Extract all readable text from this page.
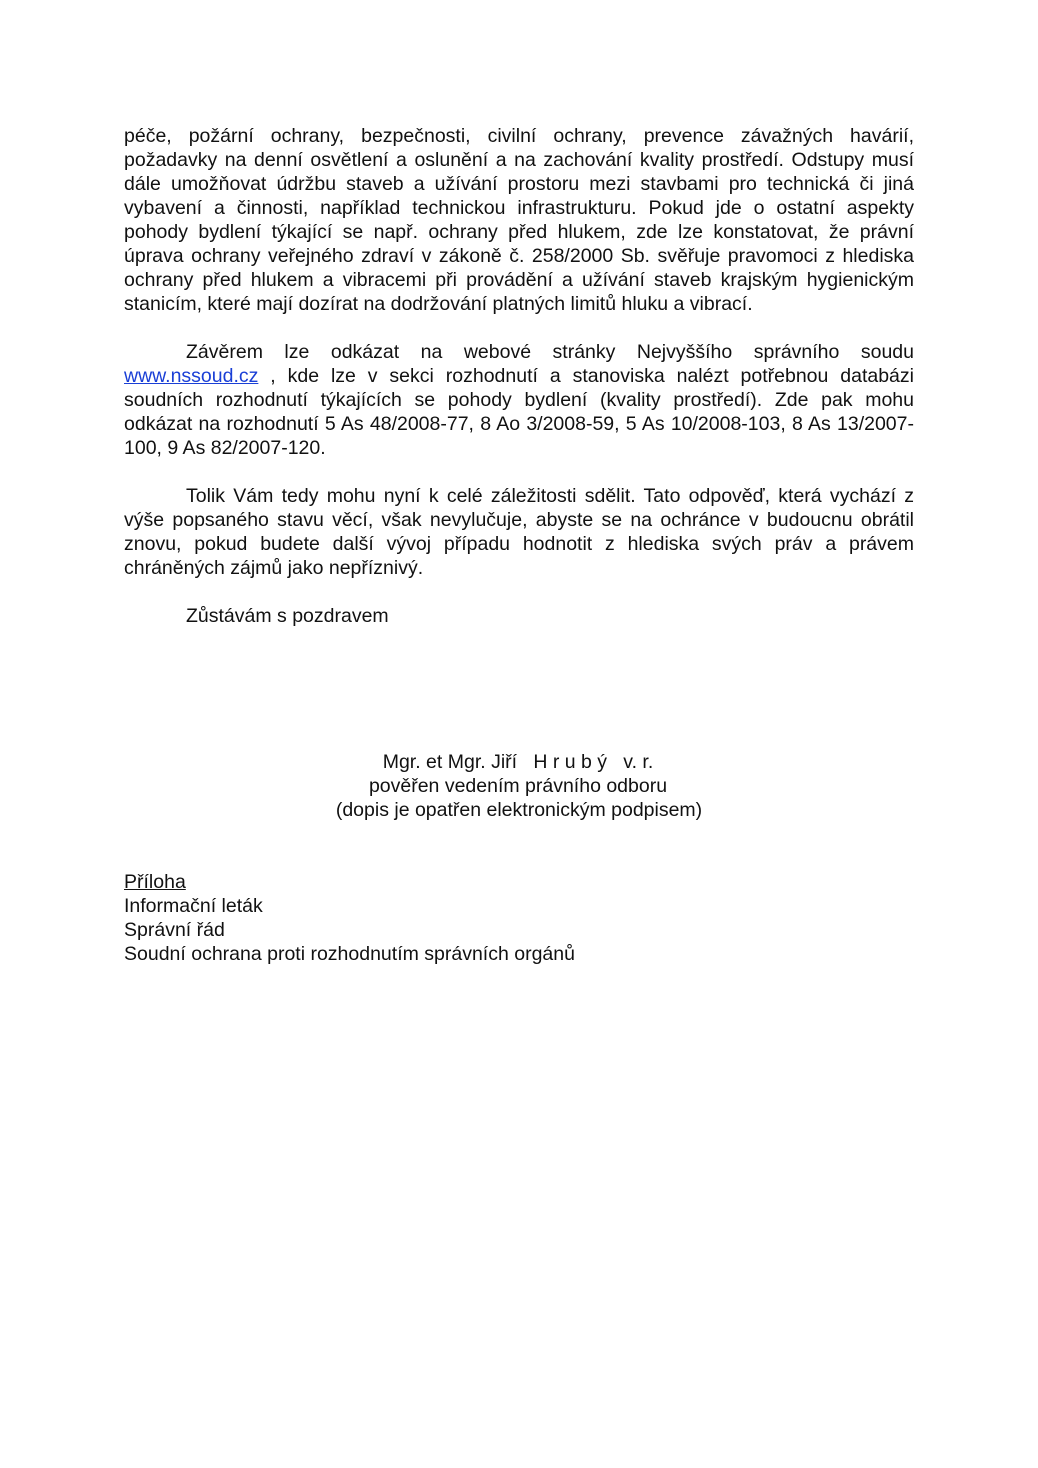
péče, požární ochrany, bezpečnosti, civilní ochrany, prevence závažných havárií, požadavky na denní osvětlení a oslunění a na zachování kvality prostředí. Odstupy musí dále umožňovat údržbu staveb a užívání prostoru mezi stavbami pro technická či jiná vybavení a činnosti, například technickou infrastrukturu. Pokud jde o ostatní aspekty pohody bydlení týkající se např. ochrany před hlukem, zde lze konstatovat, že právní úprava ochrany veřejného zdraví v zákoně č. 258/2000 Sb. svěřuje pravomoci z hlediska ochrany před hlukem a vibracemi při provádění a užívání staveb krajským hygienickým stanicím, které mají dozírat na dodržování platných limitů hluku a vibrací.

Závěrem lze odkázat na webové stránky Nejvyššího správního soudu www.nssoud.cz , kde lze v sekci rozhodnutí a stanoviska nalézt potřebnou databázi soudních rozhodnutí týkajících se pohody bydlení (kvality prostředí). Zde pak mohu odkázat na rozhodnutí 5 As 48/2008-77, 8 Ao 3/2008-59, 5 As 10/2008-103, 8 As 13/2007-100, 9 As 82/2007-120.

Tolik Vám tedy mohu nyní k celé záležitosti sdělit. Tato odpověď, která vychází z výše popsaného stavu věcí, však nevylučuje, abyste se na ochránce v budoucnu obrátil znovu, pokud budete další vývoj případu hodnotit z hlediska svých práv a právem chráněných zájmů jako nepříznivý.

Zůstávám s pozdravem

Mgr. et Mgr. Jiří H r u b ý v. r.

pověřen vedením právního odboru

(dopis je opatřen elektronickým podpisem)

Příloha

Informační leták

Správní řád

Soudní ochrana proti rozhodnutím správních orgánů
